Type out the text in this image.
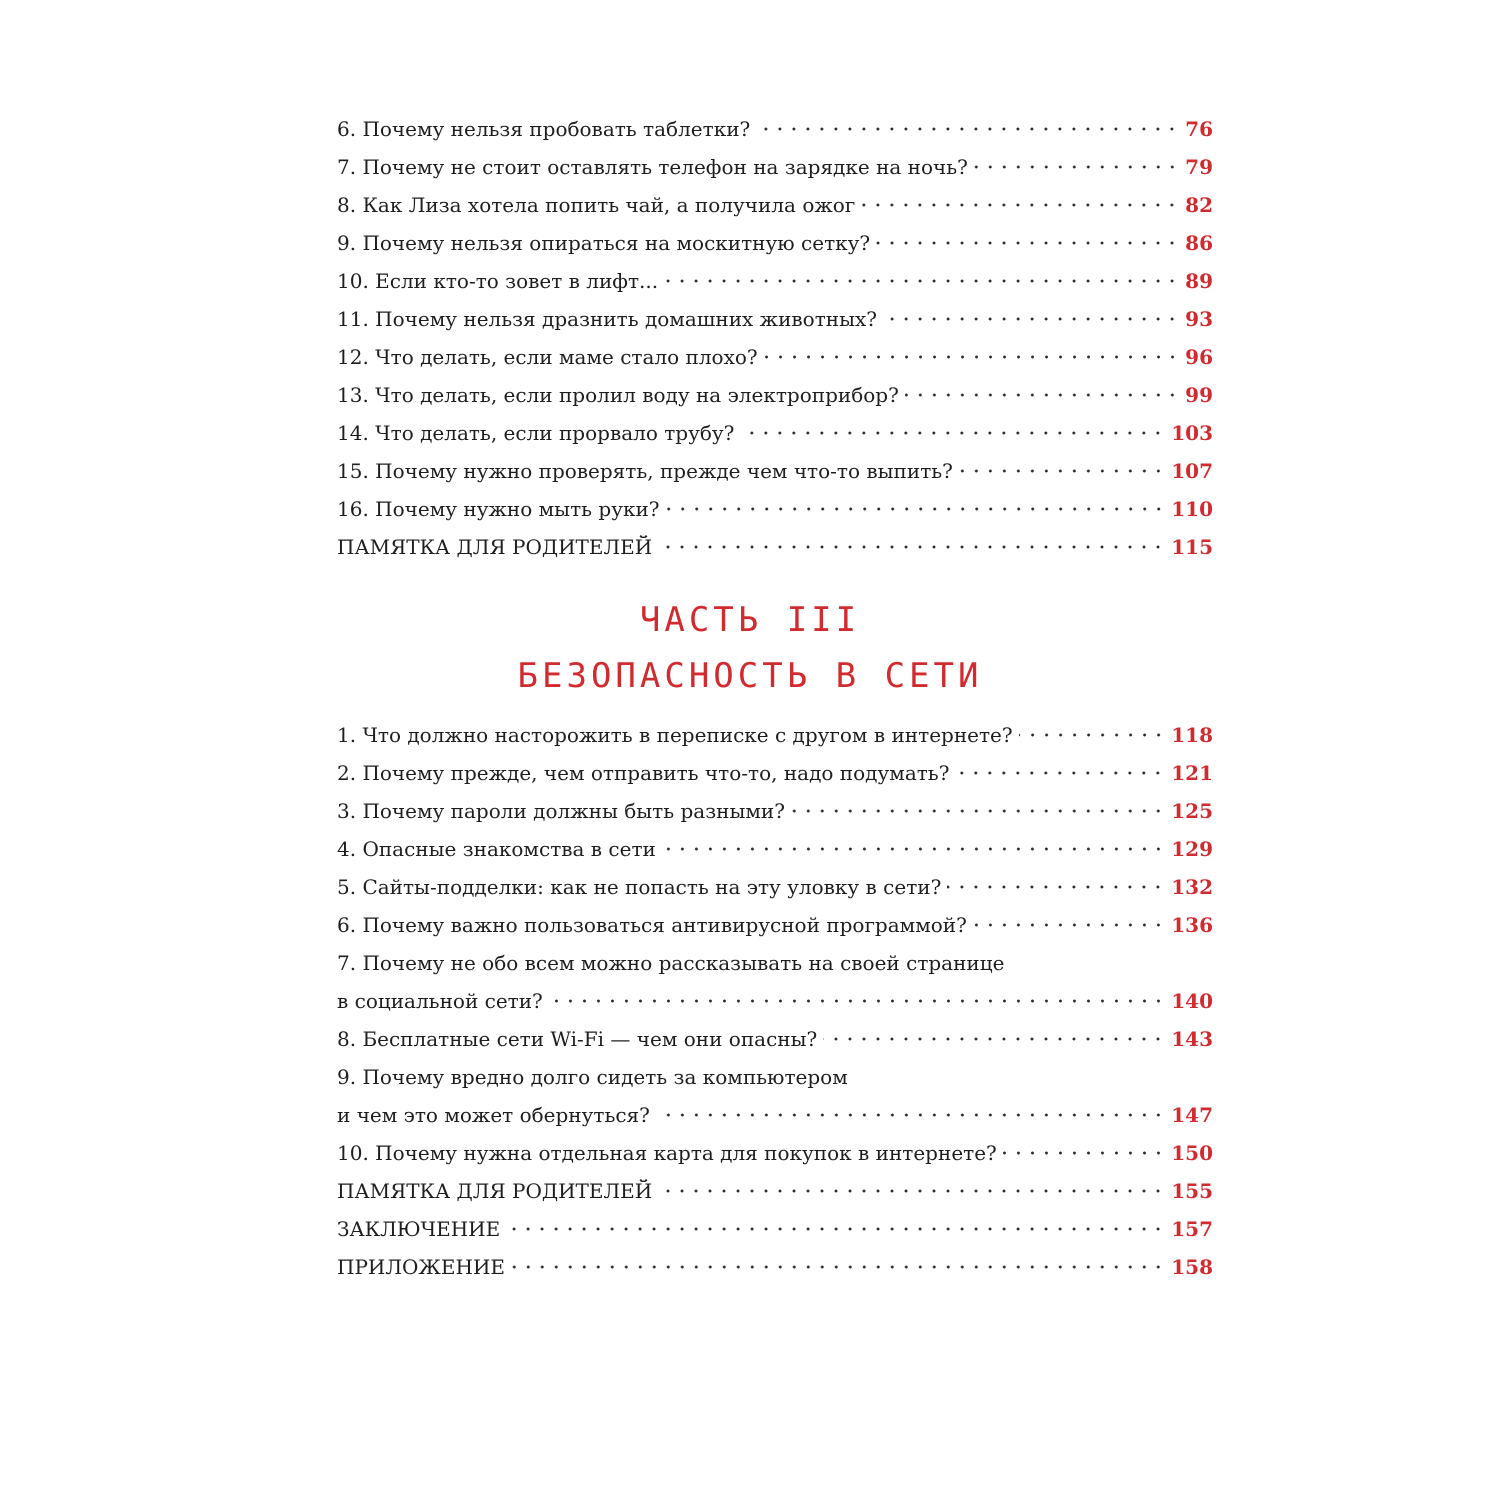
6. Почему нельзя пробовать таблетки?	76
7. Почему не стоит оставлять телефон на зарядке на ночь?	79
8. Как Лиза хотела попить чай, а получила ожог	82
9. Почему нельзя опираться на москитную сетку?	86
10. Если кто-то зовет в лифт...	89
11. Почему нельзя дразнить домашних животных?	93
12. Что делать, если маме стало плохо?	96
13. Что делать, если пролил воду на электроприбор?	99
14. Что делать, если прорвало трубу?	103
15. Почему нужно проверять, прежде чем что-то выпить?	107
16. Почему нужно мыть руки?	110
ПАМЯТКА ДЛЯ РОДИТЕЛЕЙ	115
ЧАСТЬ III
БЕЗОПАСНОСТЬ В СЕТИ
1. Что должно насторожить в переписке с другом в интернете?	118
2. Почему прежде, чем отправить что-то, надо подумать?	121
3. Почему пароли должны быть разными?	125
4. Опасные знакомства в сети	129
5. Сайты-подделки: как не попасть на эту уловку в сети?	132
6. Почему важно пользоваться антивирусной программой?	136
7. Почему не обо всем можно рассказывать на своей странице
в социальной сети?	140
8. Бесплатные сети Wi-Fi — чем они опасны?	143
9. Почему вредно долго сидеть за компьютером
и чем это может обернуться?	147
10. Почему нужна отдельная карта для покупок в интернете?	150
ПАМЯТКА ДЛЯ РОДИТЕЛЕЙ	155
ЗАКЛЮЧЕНИЕ	157
ПРИЛОЖЕНИЕ	158
